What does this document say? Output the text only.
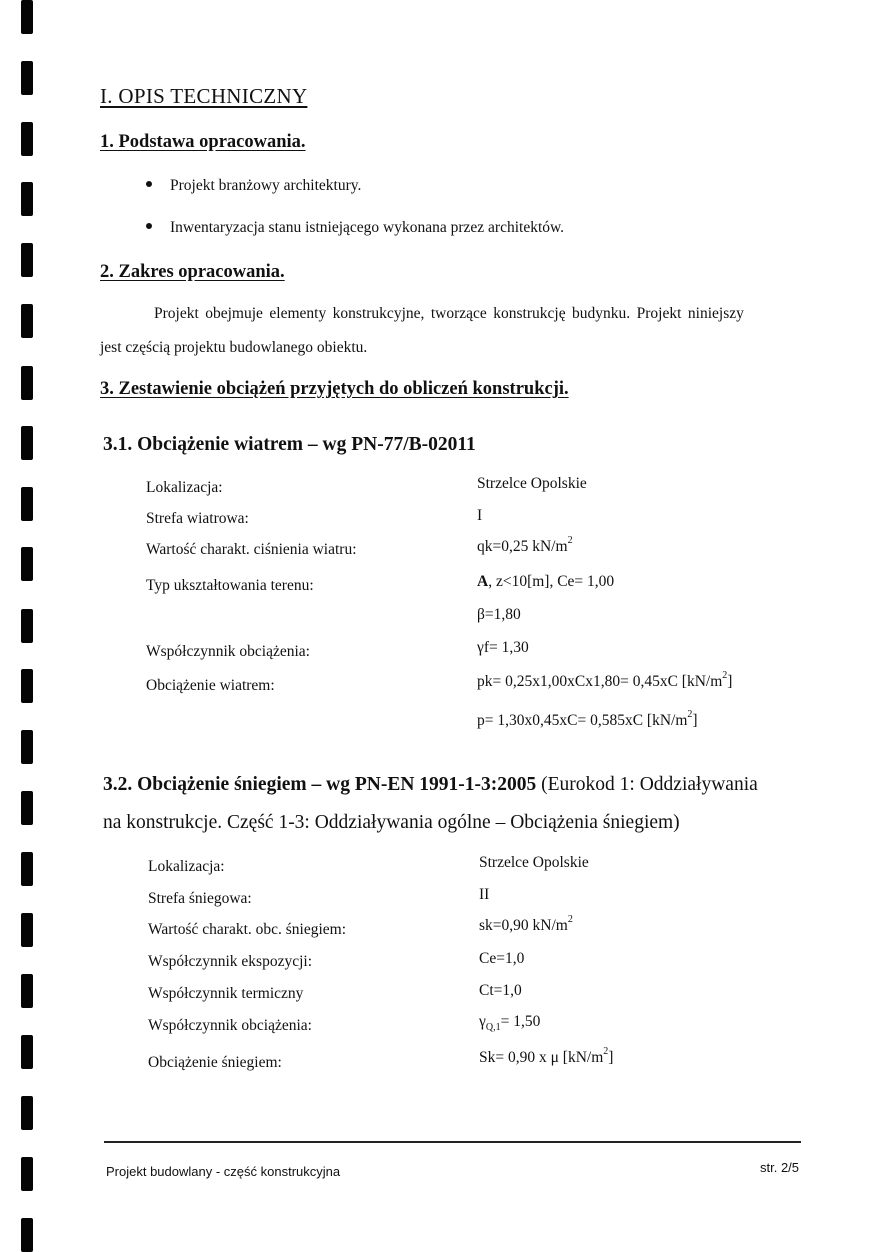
I. OPIS TECHNICZNY
1. Podstawa opracowania.
Projekt branżowy architektury.
Inwentaryzacja stanu istniejącego wykonana przez architektów.
2. Zakres opracowania.
Projekt obejmuje elementy konstrukcyjne, tworzące konstrukcję budynku. Projekt niniejszy
jest częścią projektu budowlanego obiektu.
3. Zestawienie obciążeń przyjętych do obliczeń konstrukcji.
3.1. Obciążenie wiatrem – wg PN-77/B-02011
Lokalizacja:	Strzelce Opolskie
Strefa wiatrowa:	I
Wartość charakt. ciśnienia wiatru:	qk=0,25 $kN/m^2$
Typ ukształtowania terenu:	A, z<10[m], Ce= 1,00
β=1,80
Współczynnik obciążenia:	γf= 1,30
Obciążenie wiatrem:	pk= 0,25x1,00xCx1,80= 0,45xC $[kN/m^2]$
p= 1,30x0,45xC= 0,585xC $[kN/m^2]$
3.2. Obciążenie śniegiem – wg PN-EN 1991-1-3:2005 (Eurokod 1: Oddziaływania
na konstrukcje. Część 1-3: Oddziaływania ogólne – Obciążenia śniegiem)
Lokalizacja:	Strzelce Opolskie
Strefa śniegowa:	II
Wartość charakt. obc. śniegiem:	sk=0,90 $kN/m^2$
Współczynnik ekspozycji:	Ce=1,0
Współczynnik termiczny	Ct=1,0
Współczynnik obciążenia:	$\gamma_{Q,1}= 1,50$
Obciążenie śniegiem:	Sk= 0,90 x μ $[kN/m^2]$
Projekt budowlany - część konstrukcyjna	str. 2/5
